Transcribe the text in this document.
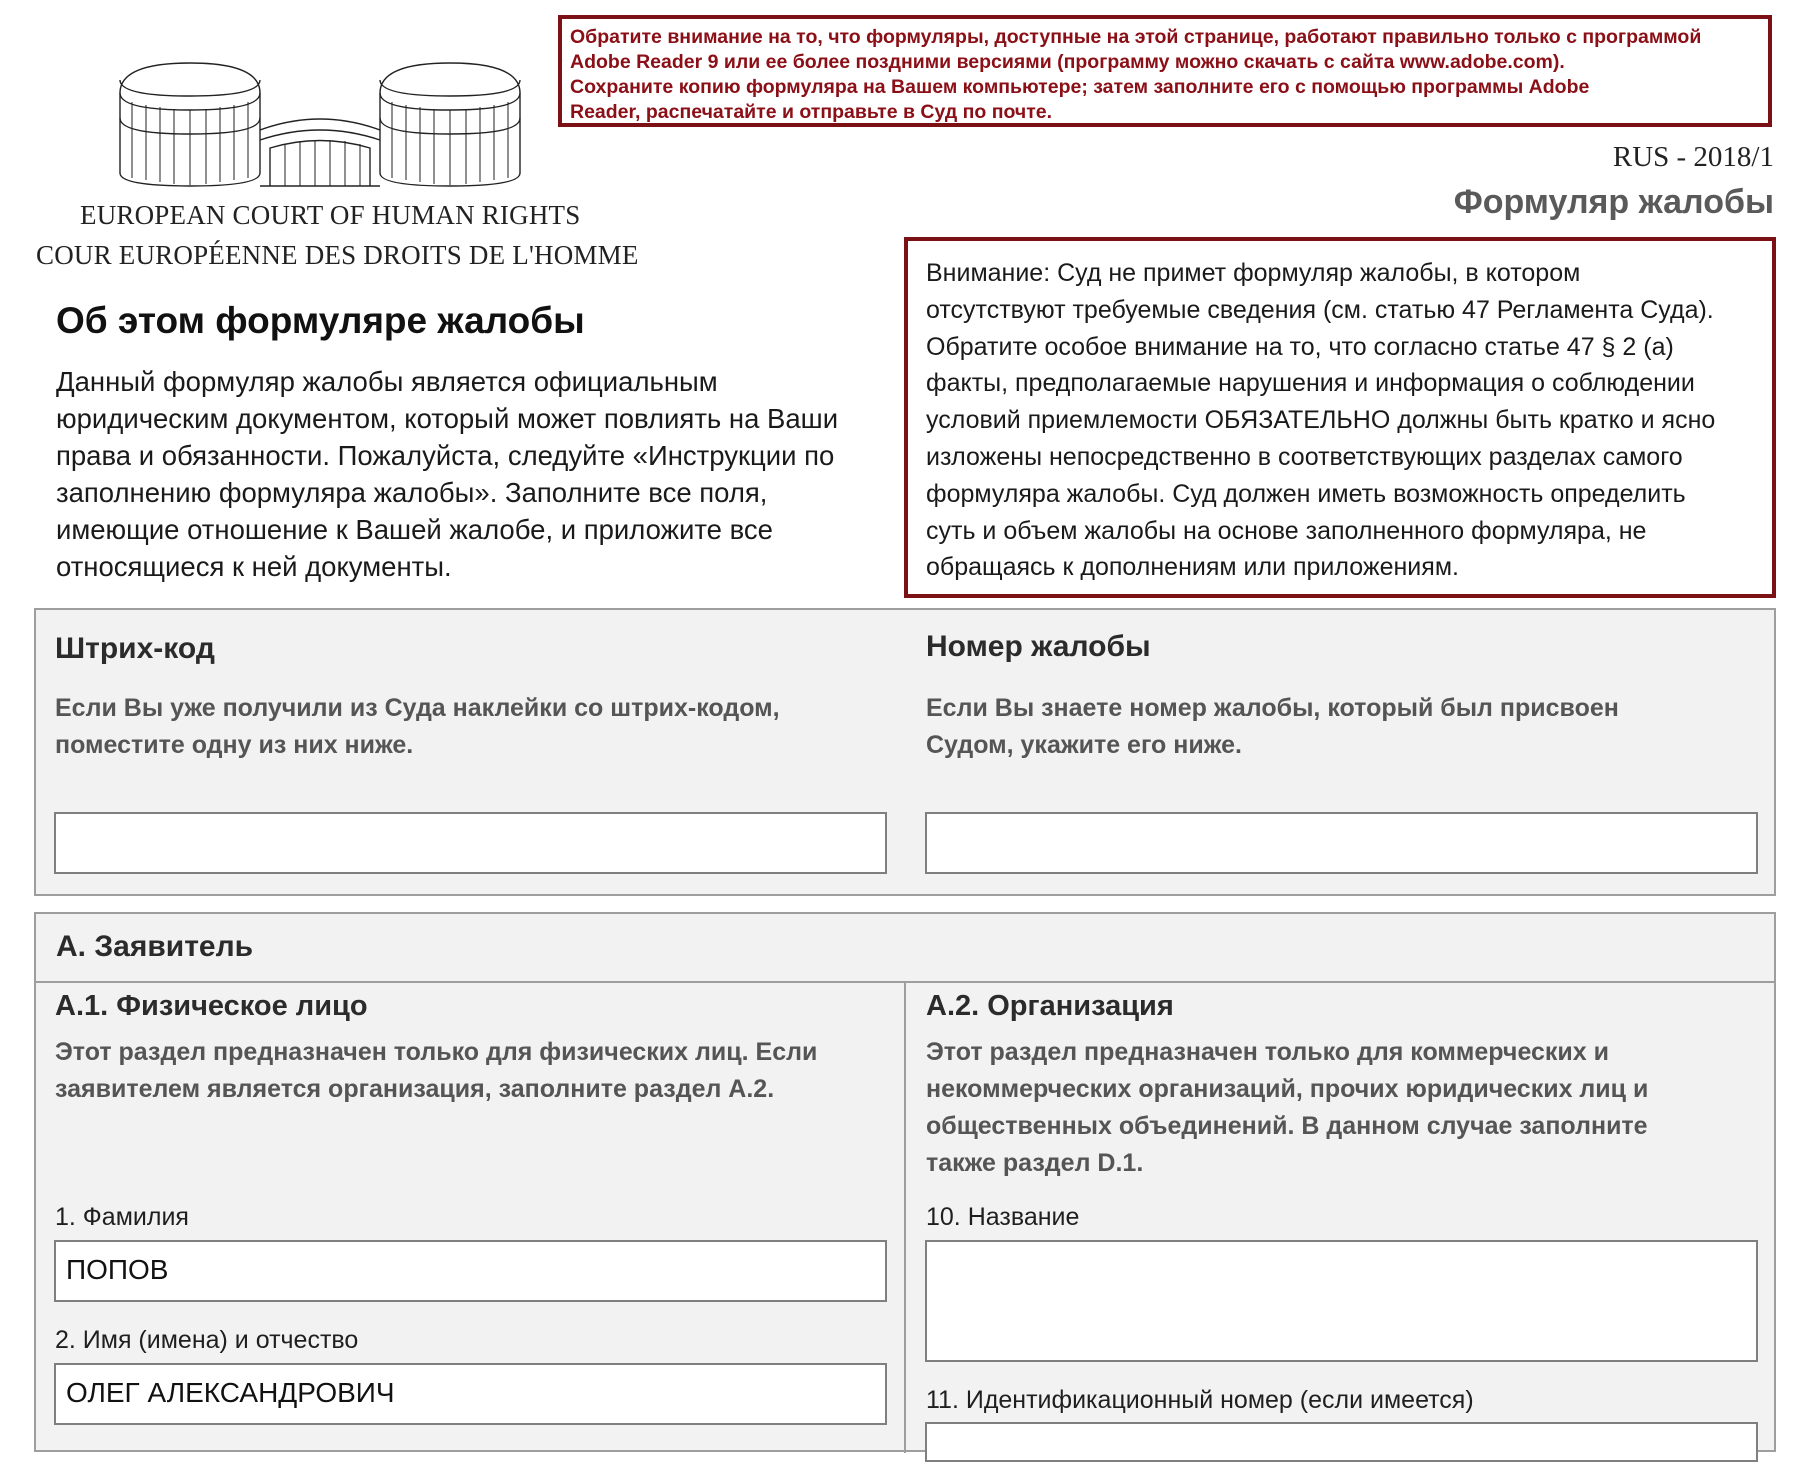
EUROPEAN COURT OF HUMAN RIGHTS
COUR EUROPÉENNE DES DROITS DE L'HOMME
Обратите внимание на то, что формуляры, доступные на этой странице, работают правильно только с программой
Adobe Reader 9 или ее более поздними версиями (программу можно скачать с сайта www.adobe.com).
Сохраните копию формуляра на Вашем компьютере; затем заполните его с помощью программы Adobe
Reader, распечатайте и отправьте в Суд по почте.
RUS - 2018/1
Формуляр жалобы
Об этом формуляре жалобы
Данный формуляр жалобы является официальным
юридическим документом, который может повлиять на Ваши
права и обязанности. Пожалуйста, следуйте «Инструкции по
заполнению формуляра жалобы». Заполните все поля,
имеющие отношение к Вашей жалобе, и приложите все
относящиеся к ней документы.
Внимание: Суд не примет формуляр жалобы, в котором
отсутствуют требуемые сведения (см. статью 47 Регламента Суда).
Обратите особое внимание на то, что согласно статье 47 § 2 (а)
факты, предполагаемые нарушения и информация о соблюдении
условий приемлемости ОБЯЗАТЕЛЬНО должны быть кратко и ясно
изложены непосредственно в соответствующих разделах самого
формуляра жалобы. Суд должен иметь возможность определить
суть и объем жалобы на основе заполненного формуляра, не
обращаясь к дополнениям или приложениям.
Штрих-код
Если Вы уже получили из Суда наклейки со штрих-кодом,
поместите одну из них ниже.
Номер жалобы
Если Вы знаете номер жалобы, который был присвоен
Судом, укажите его ниже.
A. Заявитель
A.1. Физическое лицо
Этот раздел предназначен только для физических лиц. Если
заявителем является организация, заполните раздел A.2.
1. Фамилия
ПОПОВ
2. Имя (имена) и отчество
ОЛЕГ АЛЕКСАНДРОВИЧ
A.2. Организация
Этот раздел предназначен только для коммерческих и
некоммерческих организаций, прочих юридических лиц и
общественных объединений. В данном случае заполните
также раздел D.1.
10. Название
11. Идентификационный номер (если имеется)
